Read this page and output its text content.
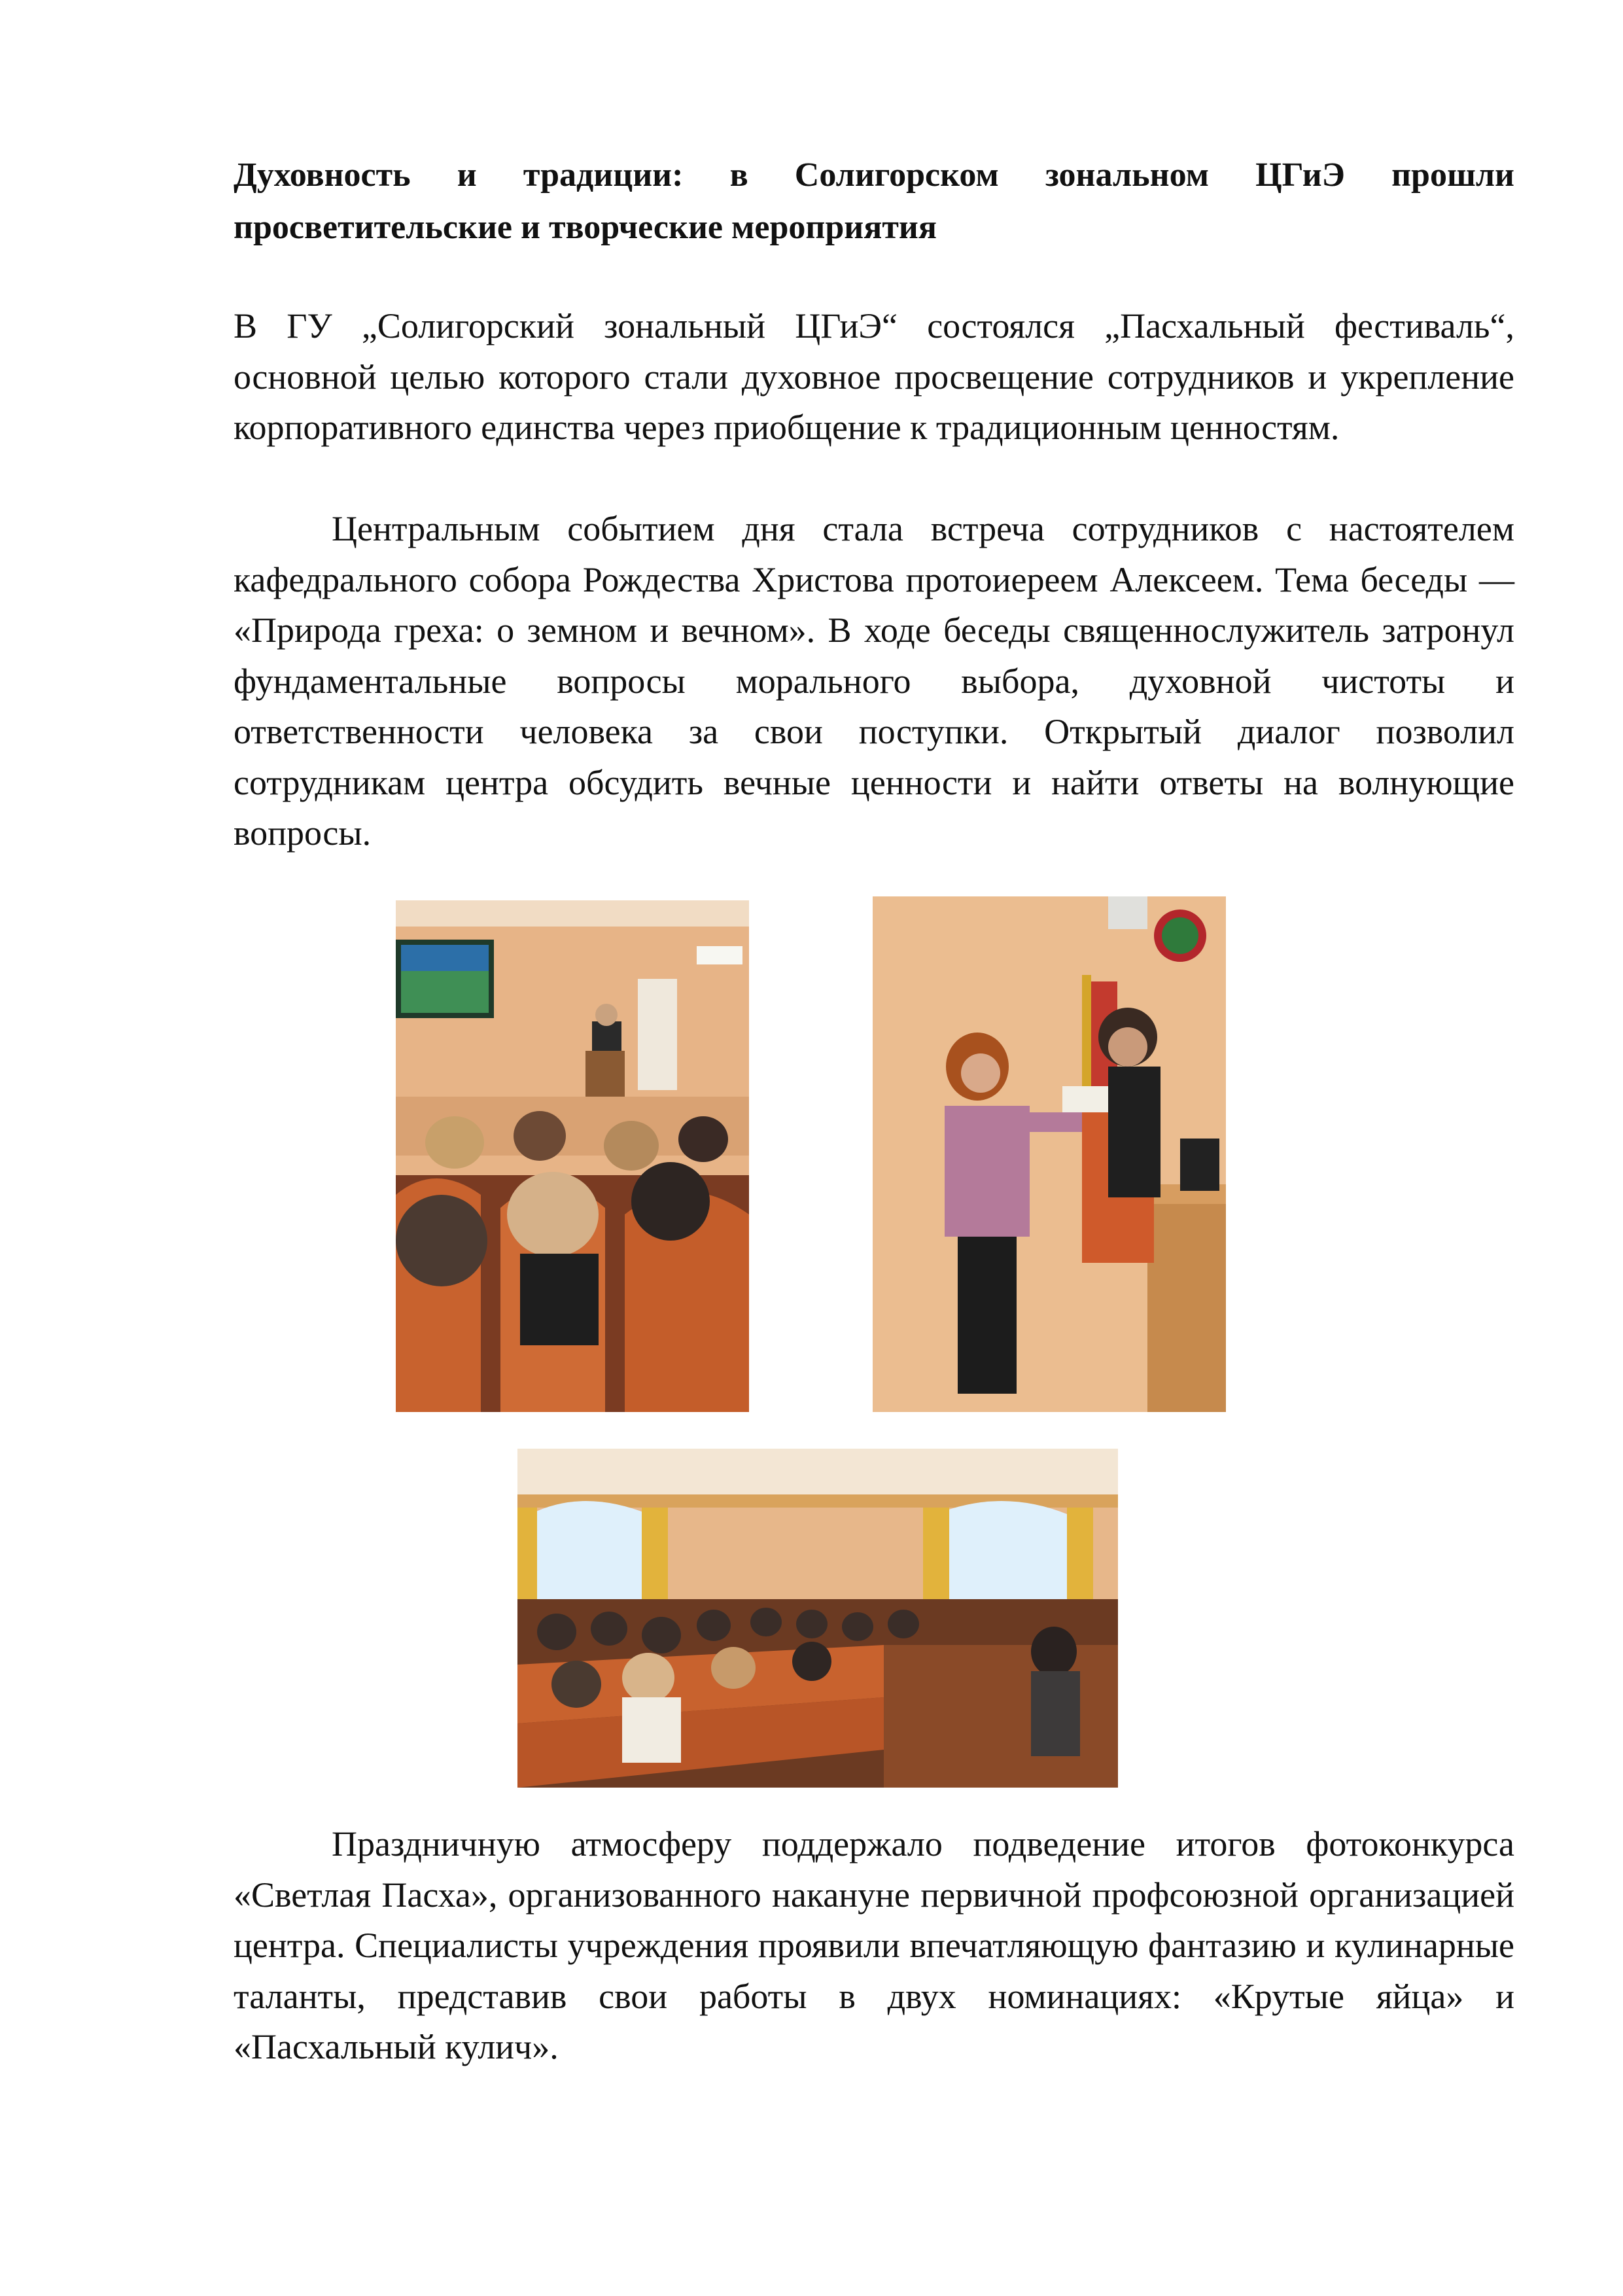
Духовность и традиции: в Солигорском зональном ЦГиЭ прошли просветительские и творческие мероприятия

В ГУ „Солигорский зональный ЦГиЭ“ состоялся „Пасхальный фестиваль“, основной целью которого стали духовное просвещение сотрудников и укрепление корпоративного единства через приобщение к традиционным ценностям.

Центральным событием дня стала встреча сотрудников с настоятелем кафедрального собора Рождества Христова протоиереем Алексеем. Тема беседы — «Природа греха: о земном и вечном». В ходе беседы священнослужитель затронул фундаментальные вопросы морального выбора, духовной чистоты и ответственности человека за свои поступки. Открытый диалог позволил сотрудникам центра обсудить вечные ценности и найти ответы на волнующие вопросы.

Праздничную атмосферу поддержало подведение итогов фотоконкурса «Светлая Пасха», организованного накануне первичной профсоюзной организацией центра. Специалисты учреждения проявили впечатляющую фантазию и кулинарные таланты, представив свои работы в двух номинациях: «Крутые яйца» и «Пасхальный кулич».
